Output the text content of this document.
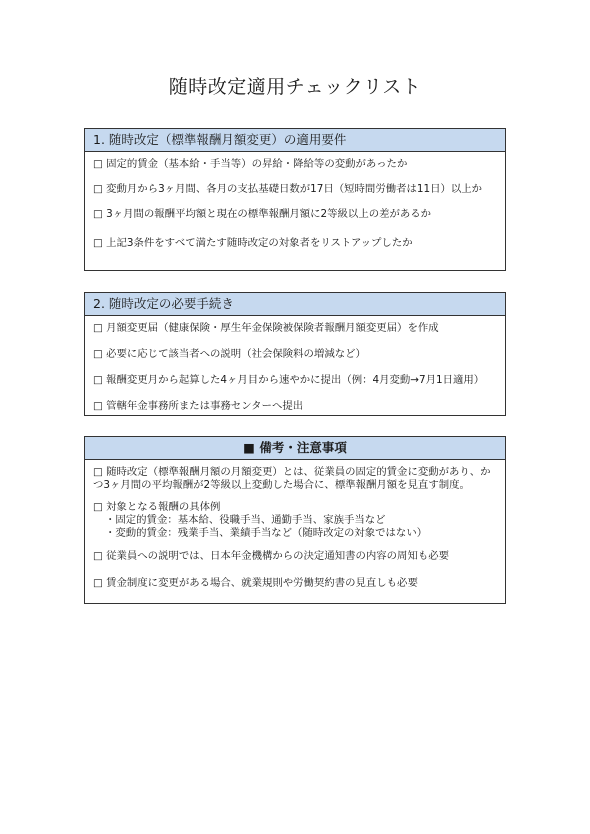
随時改定適用チェックリスト
1. 随時改定（標準報酬月額変更）の適用要件
□ 固定的賃金（基本給・手当等）の昇給・降給等の変動があったか
□ 変動月から3ヶ月間、各月の支払基礎日数が17日（短時間労働者は11日）以上か
□ 3ヶ月間の報酬平均額と現在の標準報酬月額に2等級以上の差があるか
□ 上記3条件をすべて満たす随時改定の対象者をリストアップしたか
2. 随時改定の必要手続き
□ 月額変更届（健康保険・厚生年金保険被保険者報酬月額変更届）を作成
□ 必要に応じて該当者への説明（社会保険料の増減など）
□ 報酬変更月から起算した4ヶ月目から速やかに提出（例：4月変動→7月1日適用）
□ 管轄年金事務所または事務センターへ提出
■ 備考・注意事項
□ 随時改定（標準報酬月額の月額変更）とは、従業員の固定的賃金に変動があり、かつ3ヶ月間の平均報酬が2等級以上変動した場合に、標準報酬月額を見直す制度。
□ 対象となる報酬の具体例
・固定的賃金：基本給、役職手当、通勤手当、家族手当など
・変動的賃金：残業手当、業績手当など（随時改定の対象ではない）
□ 従業員への説明では、日本年金機構からの決定通知書の内容の周知も必要
□ 賃金制度に変更がある場合、就業規則や労働契約書の見直しも必要
